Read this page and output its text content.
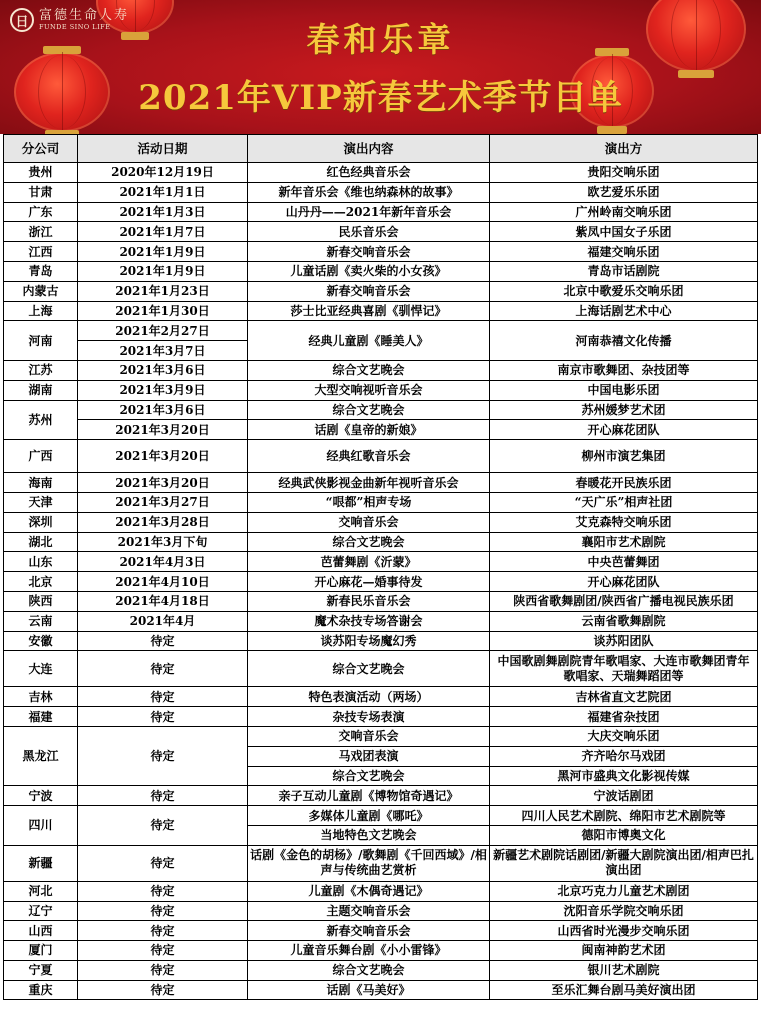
日 富德生命人寿
FUNDE SINO LIFE	春和乐章
2021年VIP新春艺术季节目单
分公司	活动日期	演出内容	演出方
贵州	2020年12月19日	红色经典音乐会	贵阳交响乐团
甘肃	2021年1月1日	新年音乐会《维也纳森林的故事》	欧艺爱乐乐团
广东	2021年1月3日	山丹丹——2021年新年音乐会	广州岭南交响乐团
浙江	2021年1月7日	民乐音乐会	紫凤中国女子乐团
江西	2021年1月9日	新春交响音乐会	福建交响乐团
青岛	2021年1月9日	儿童话剧《卖火柴的小女孩》	青岛市话剧院
内蒙古	2021年1月23日	新春交响音乐会	北京中歌爱乐交响乐团
上海	2021年1月30日	莎士比亚经典喜剧《驯悍记》	上海话剧艺术中心
河南	2021年2月27日	经典儿童剧《睡美人》	河南恭禧文化传播
	2021年3月7日		
江苏	2021年3月6日	综合文艺晚会	南京市歌舞团、杂技团等
湖南	2021年3月9日	大型交响视听音乐会	中国电影乐团
苏州	2021年3月6日	综合文艺晚会	苏州媛梦艺术团
	2021年3月20日	话剧《皇帝的新娘》	开心麻花团队
广西	2021年3月20日	经典红歌音乐会	柳州市演艺集团
海南	2021年3月20日	经典武侠影视金曲新年视听音乐会	春暖花开民族乐团
天津	2021年3月27日	“哏都”相声专场	“天广乐”相声社团
深圳	2021年3月28日	交响音乐会	艾克森特交响乐团
湖北	2021年3月下旬	综合文艺晚会	襄阳市艺术剧院
山东	2021年4月3日	芭蕾舞剧《沂蒙》	中央芭蕾舞团
北京	2021年4月10日	开心麻花—婚事待发	开心麻花团队
陕西	2021年4月18日	新春民乐音乐会	陕西省歌舞剧团/陕西省广播电视民族乐团
云南	2021年4月	魔术杂技专场答谢会	云南省歌舞剧院
安徽	待定	谈苏阳专场魔幻秀	谈苏阳团队
大连	待定	综合文艺晚会	中国歌剧舞剧院青年歌唱家、大连市歌舞团青年歌唱家、天瑞舞蹈团等
吉林	待定	特色表演活动（两场）	吉林省直文艺院团
福建	待定	杂技专场表演	福建省杂技团
黑龙江	待定	交响音乐会	大庆交响乐团
		马戏团表演	齐齐哈尔马戏团
		综合文艺晚会	黑河市盛典文化影视传媒
宁波	待定	亲子互动儿童剧《博物馆奇遇记》	宁波话剧团
四川	待定	多媒体儿童剧《哪吒》	四川人民艺术剧院、绵阳市艺术剧院等
		当地特色文艺晚会	德阳市博奥文化
新疆	待定	话剧《金色的胡杨》/歌舞剧《千回西域》/相声与传统曲艺赏析	新疆艺术剧院话剧团/新疆大剧院演出团/相声巴扎演出团
河北	待定	儿童剧《木偶奇遇记》	北京巧克力儿童艺术剧团
辽宁	待定	主题交响音乐会	沈阳音乐学院交响乐团
山西	待定	新春交响音乐会	山西省时光漫步交响乐团
厦门	待定	儿童音乐舞台剧《小小雷锋》	闽南神韵艺术团
宁夏	待定	综合文艺晚会	银川艺术剧院
重庆	待定	话剧《马美好》	至乐汇舞台剧马美好演出团
